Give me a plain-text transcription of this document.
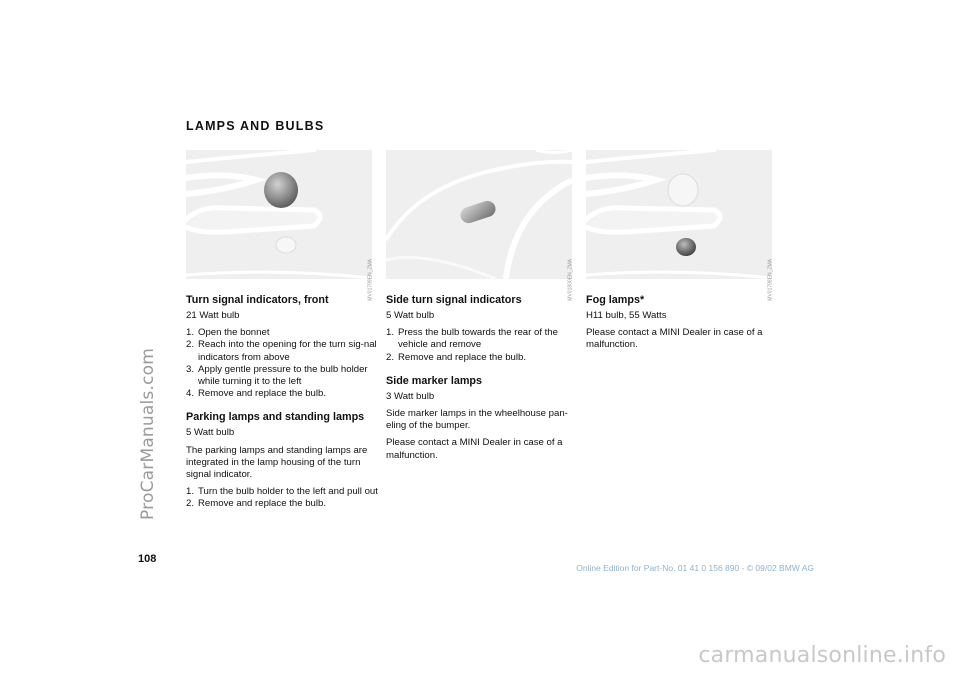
ProCarManuals.com
LAMPS AND BULBS
MV01799EN_ZMA	MV01800EN_ZMA	MV01798EN_ZMA
Turn signal indicators, front

21 Watt bulb

1. Open the bonnet
2. Reach into the opening for the turn sig-nal indicators from above
3. Apply gentle pressure to the bulb holder while turning it to the left
4. Remove and replace the bulb.
Parking lamps and standing lamps

5 Watt bulb

The parking lamps and standing lamps are integrated in the lamp housing of the turn signal indicator.

1. Turn the bulb holder to the left and pull out
2. Remove and replace the bulb.
Side turn signal indicators

5 Watt bulb

1. Press the bulb towards the rear of the vehicle and remove
2. Remove and replace the bulb.
Side marker lamps

3 Watt bulb

Side marker lamps in the wheelhouse pan-eling of the bumper.

Please contact a MINI Dealer in case of a malfunction.

Fog lamps*

H11 bulb, 55 Watts

Please contact a MINI Dealer in case of a malfunction.

108
Online Edition for Part-No. 01 41 0 156 890 - © 09/02 BMW AG
carmanualsonline.info
